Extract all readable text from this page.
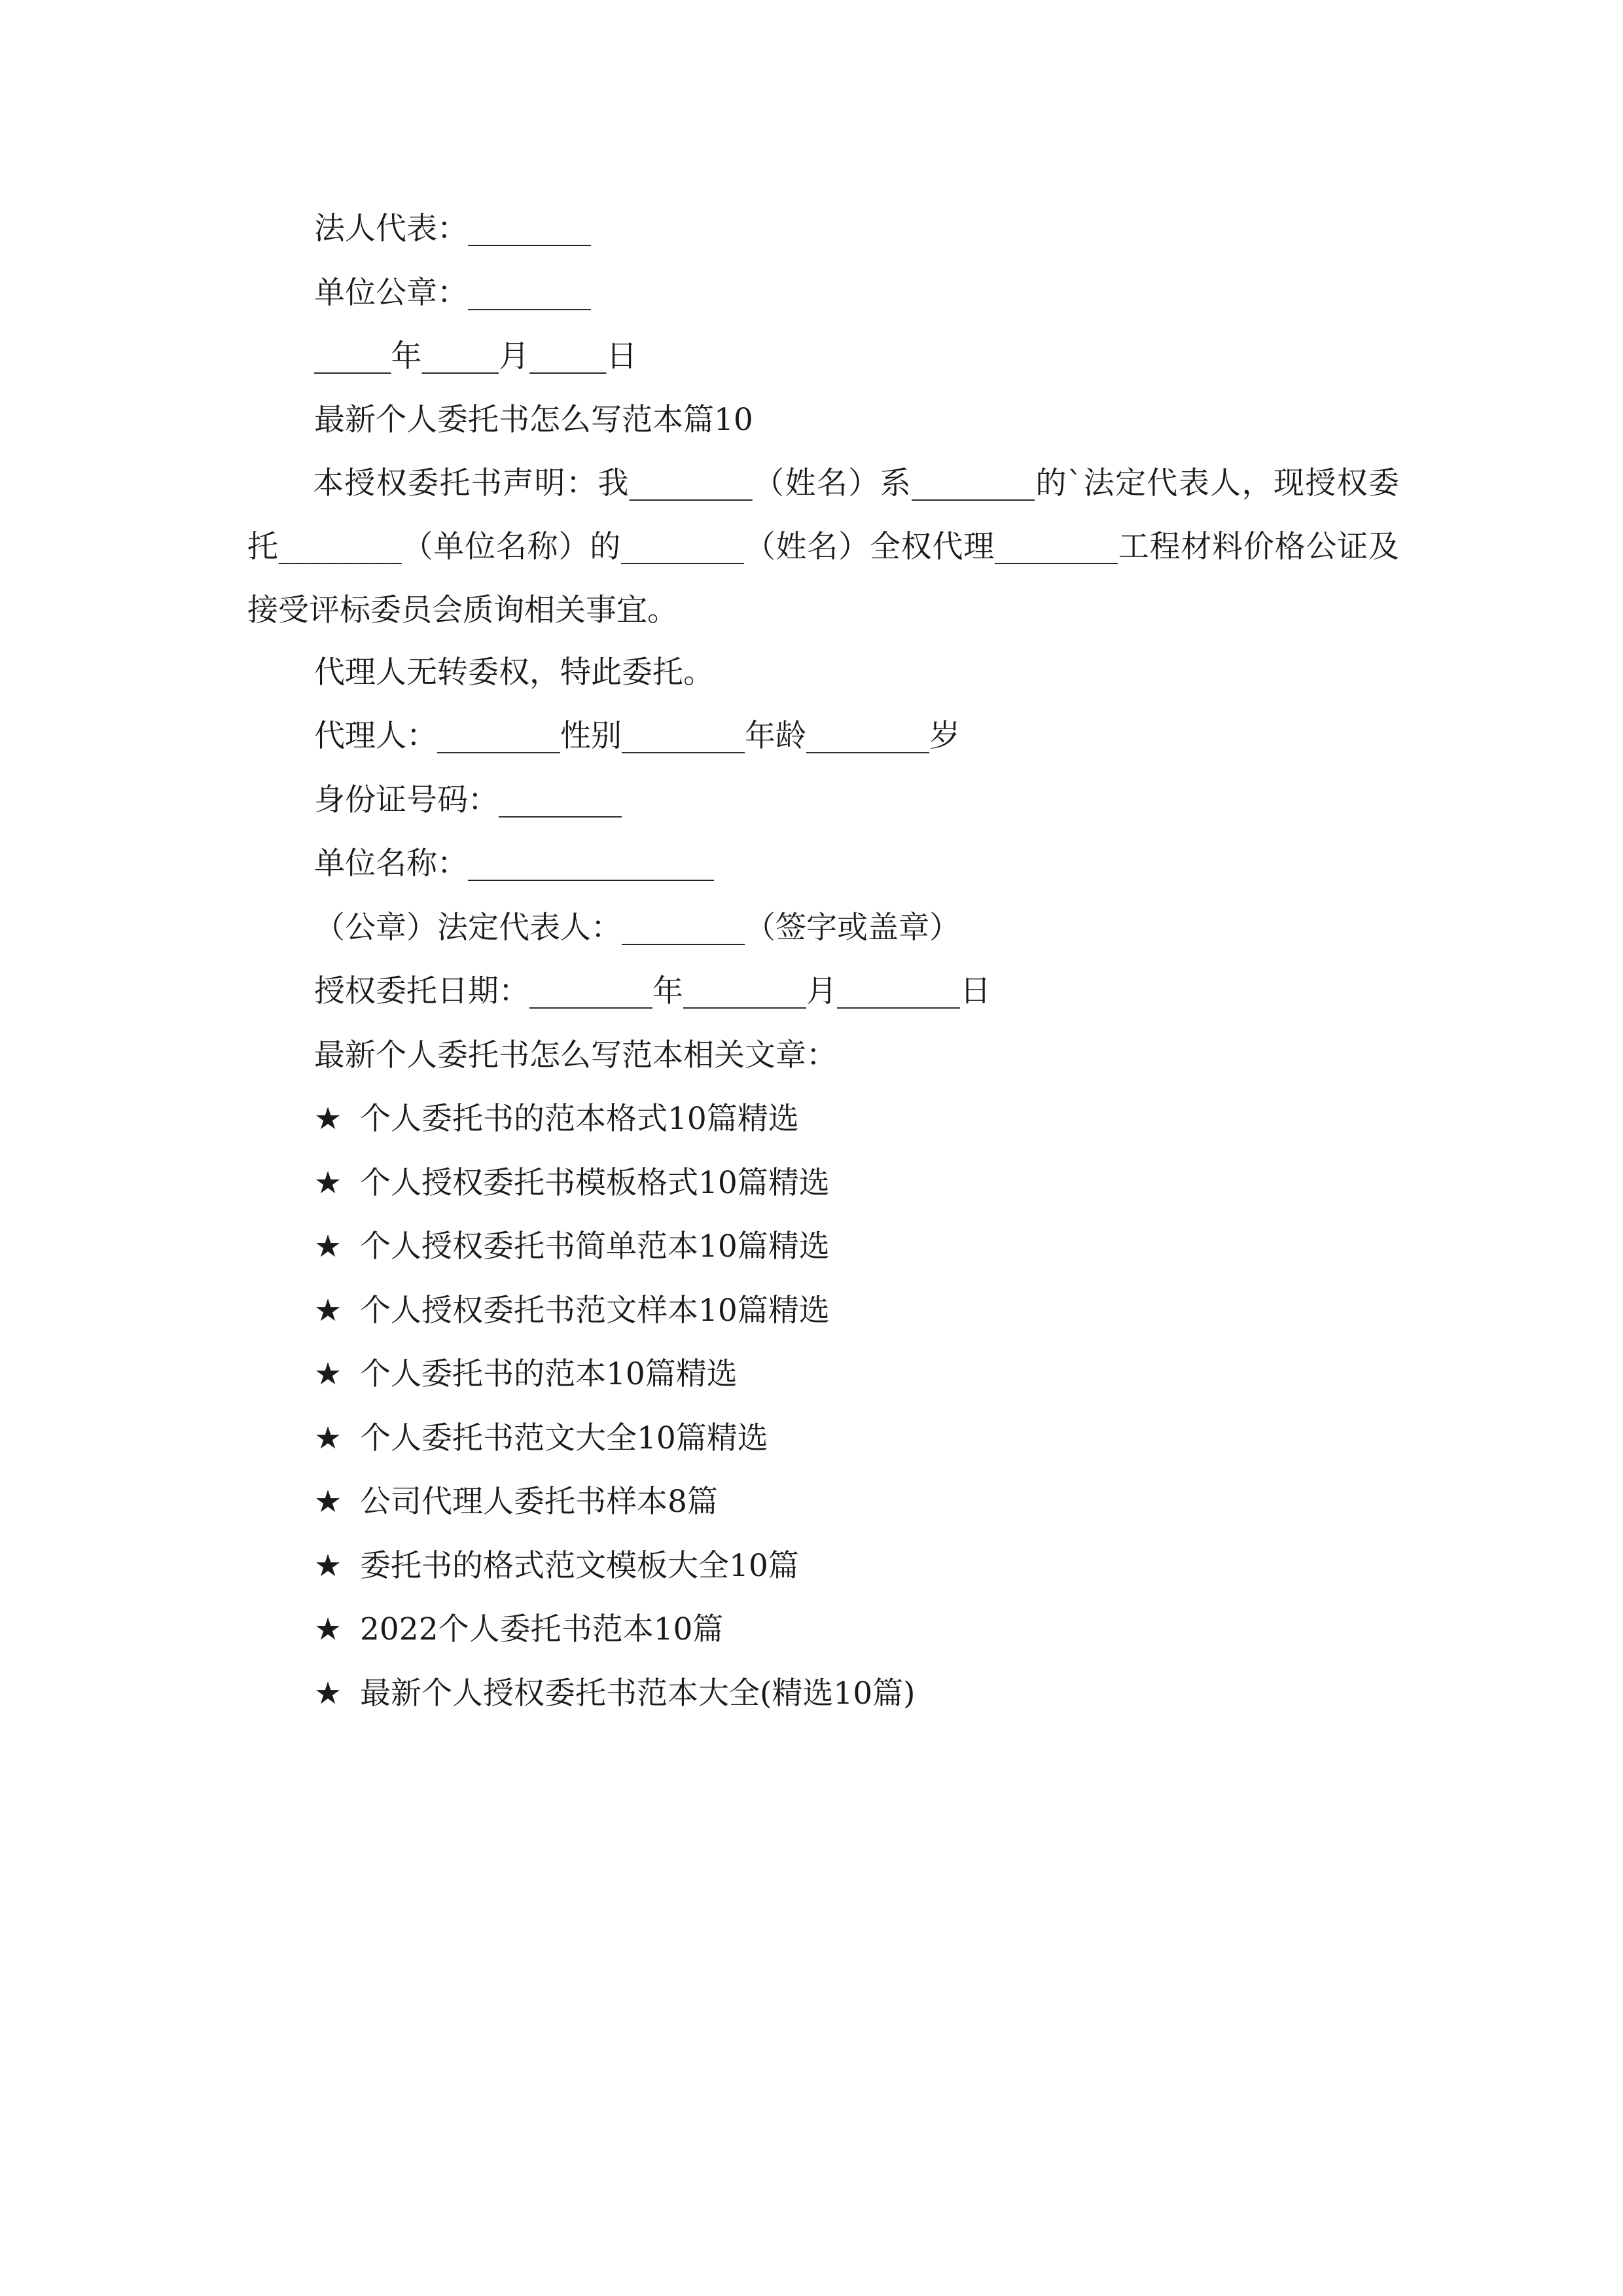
法人代表：________
单位公章：________
_____年_____月_____日
最新个人委托书怎么写范本篇10
本授权委托书声明：我________（姓名）系________的`法定代表人，现授权委托________（单位名称）的________（姓名）全权代理________工程材料价格公证及接受评标委员会质询相关事宜。
代理人无转委权，特此委托。
代理人：________性别________年龄________岁
身份证号码：________
单位名称：________________
（公章）法定代表人：________（签字或盖章）
授权委托日期：________年________月________日
最新个人委托书怎么写范本相关文章：
★ 个人委托书的范本格式10篇精选
★ 个人授权委托书模板格式10篇精选
★ 个人授权委托书简单范本10篇精选
★ 个人授权委托书范文样本10篇精选
★ 个人委托书的范本10篇精选
★ 个人委托书范文大全10篇精选
★ 公司代理人委托书样本8篇
★ 委托书的格式范文模板大全10篇
★ 2022个人委托书范本10篇
★ 最新个人授权委托书范本大全(精选10篇)
